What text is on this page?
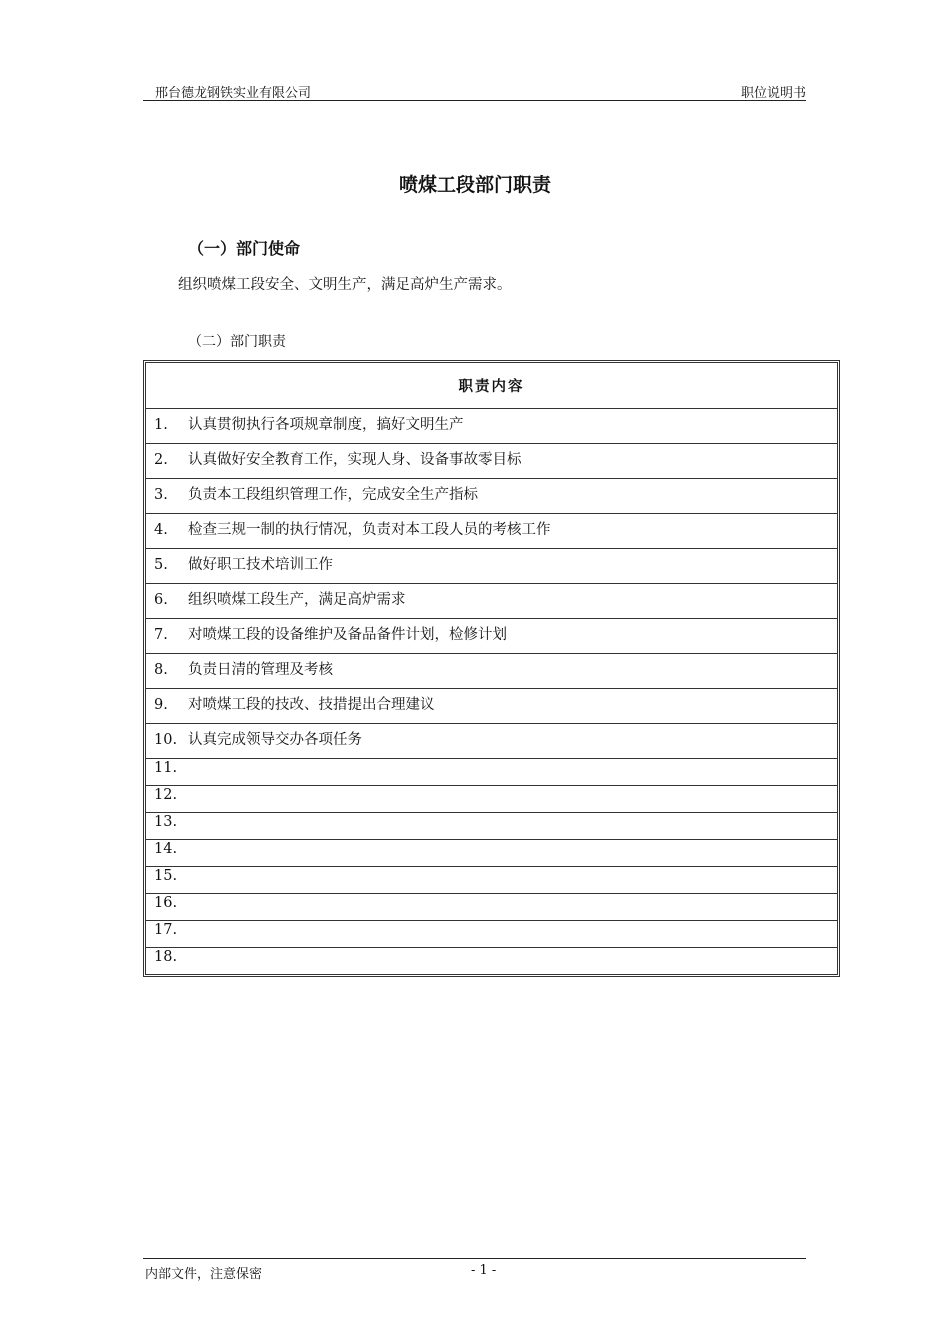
邢台德龙钢铁实业有限公司	职位说明书
喷煤工段部门职责
（一）部门使命
组织喷煤工段安全、文明生产，满足高炉生产需求。
（二）部门职责
职责内容

1. 认真贯彻执行各项规章制度，搞好文明生产

2. 认真做好安全教育工作，实现人身、设备事故零目标

3. 负责本工段组织管理工作，完成安全生产指标

4. 检查三规一制的执行情况，负责对本工段人员的考核工作

5. 做好职工技术培训工作

6. 组织喷煤工段生产，满足高炉需求

7. 对喷煤工段的设备维护及备品备件计划，检修计划

8. 负责日清的管理及考核

9. 对喷煤工段的技改、技措提出合理建议

10. 认真完成领导交办各项任务

11.

12.

13.

14.

15.

16.

17.

18.
内部文件，注意保密	- 1 -
